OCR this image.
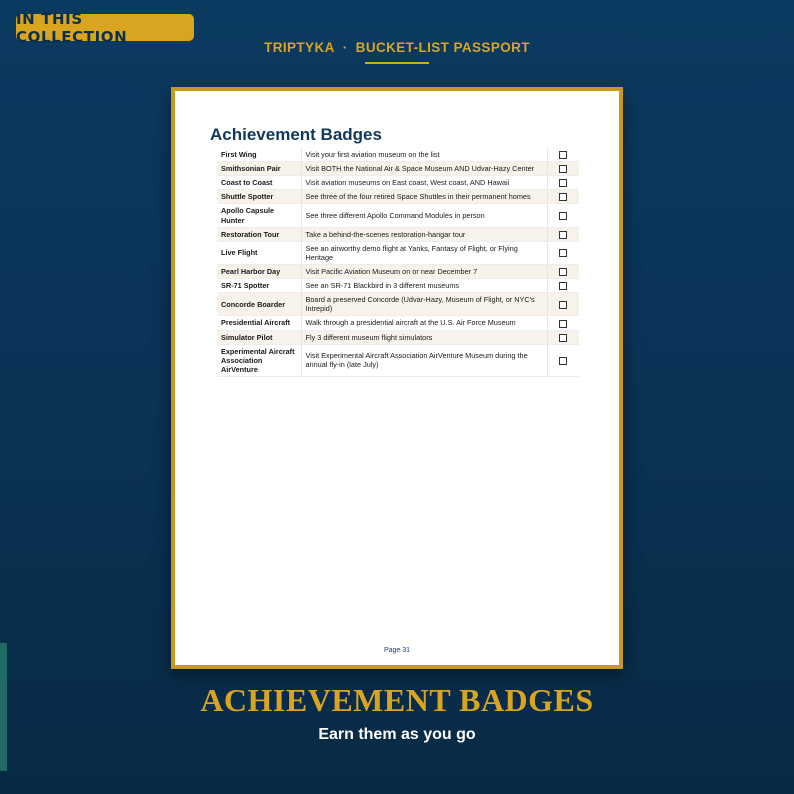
IN THIS COLLECTION
TRIPTYKA · BUCKET-LIST PASSPORT
Achievement Badges
First Wing	Visit your first aviation museum on the list	
Smithsonian Pair	Visit BOTH the National Air & Space Museum AND Udvar-Hazy Center	
Coast to Coast	Visit aviation museums on East coast, West coast, AND Hawaii	
Shuttle Spotter	See three of the four retired Space Shuttles in their permanent homes	
Apollo Capsule Hunter	See three different Apollo Command Modules in person	
Restoration Tour	Take a behind-the-scenes restoration-hangar tour	
Live Flight	See an airworthy demo flight at Yanks, Fantasy of Flight, or Flying Heritage	
Pearl Harbor Day	Visit Pacific Aviation Museum on or near December 7	
SR-71 Spotter	See an SR-71 Blackbird in 3 different museums	
Concorde Boarder	Board a preserved Concorde (Udvar-Hazy, Museum of Flight, or NYC's Intrepid)	
Presidential Aircraft	Walk through a presidential aircraft at the U.S. Air Force Museum	
Simulator Pilot	Fly 3 different museum flight simulators	
Experimental Aircraft Association AirVenture	Visit Experimental Aircraft Association AirVenture Museum during the annual fly-in (late July)	
Page 31
ACHIEVEMENT BADGES
Earn them as you go
